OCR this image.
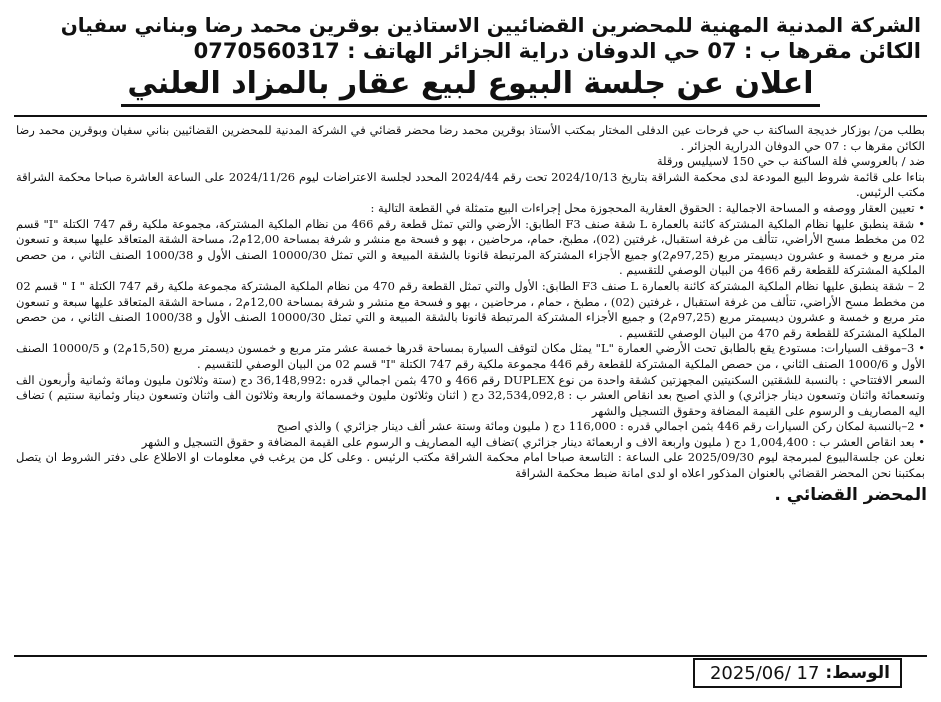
الشركة المدنية المهنية للمحضرين القضائيين الاستاذين بوقرين محمد رضا وبناني سفيان
الكائن مقرها ب : 07 حي الدوفان دراية الجزائر الهاتف : 0770560317
اعلان عن جلسة البيوع لبيع عقار بالمزاد العلني

بطلب من/ بوزكار خديجة الساكنة ب حي فرحات عين الدفلى المختار بمكتب الأستاذ بوقرين محمد رضا محضر قضائي في الشركة المدنية للمحضرين القضائيين بناني سفيان وبوقرين محمد رضا الكائن مقرها ب : 07 حي الدوفان الدرارية الجزائر .

ضد / بالعروسي فلة الساكنة ب حي 150 لاسيليس ورقلة

بناءا على قائمة شروط البيع المودعة لدى محكمة الشراقة بتاريخ 2024/10/13 تحت رقم 2024/44 المحدد لجلسة الاعتراضات ليوم 2024/11/26 على الساعة العاشرة صباحا محكمة الشراقة مكتب الرئيس.

• تعيين العقار ووصفه و المساحة الاجمالية : الحقوق العقارية المحجوزة محل إجراءات البيع متمثلة في القطعة التالية :

• شقة ينطبق عليها نظام الملكية المشتركة كائنة بالعمارة L شقة صنف F3 الطابق: الأرضي والتي تمثل قطعة رقم 466 من نظام الملكية المشتركة، مجموعة ملكية رقم 747 الكتلة "I" قسم 02 من مخطط مسح الأراضي، تتألف من غرفة استقبال، غرفتين (02)، مطبخ، حمام، مرحاضين ، بهو و فسحة مع منشر و شرفة بمساحة 12,00م2، مساحة الشقة المتعاقد عليها سبعة و تسعون متر مربع و خمسة و عشرون ديسيمتر مربع (97,25م2)و جميع الأجزاء المشتركة المرتبطة قانونا بالشقة المبيعة و التي تمثل 10000/30 الصنف الأول و 1000/38 الصنف الثاني ، من حصص الملكية المشتركة للقطعة رقم 466 من البيان الوصفي للتقسيم .

2 – شقة ينطبق عليها نظام الملكية المشتركة كائنة بالعمارة L صنف F3 الطابق: الأول والتي تمثل القطعة رقم 470 من نظام الملكية المشتركة مجموعة ملكية رقم 747 الكتلة " I " قسم 02 من مخطط مسح الأراضي، تتألف من غرفة استقبال ، غرفتين (02) ، مطبخ ، حمام ، مرحاضين ، بهو و فسحة مع منشر و شرفة بمساحة 12,00م2 ، مساحة الشقة المتعاقد عليها سبعة و تسعون متر مربع و خمسة و عشرون ديسيمتر مربع (97,25م2) و جميع الأجزاء المشتركة المرتبطة قانونا بالشقة المبيعة و التي تمثل 10000/30 الصنف الأول و 1000/38 الصنف الثاني ، من حصص الملكية المشتركة للقطعة رقم 470 من البيان الوصفي للتقسيم .

• 3–موقف السيارات: مستودع يقع بالطابق تحت الأرضي العمارة "L" يمثل مكان لتوقف السيارة بمساحة قدرها خمسة عشر متر مربع و خمسون ديسمتر مربع (15,50م2) و 10000/5 الصنف الأول و 1000/6 الصنف الثاني ، من حصص الملكية المشتركة للقطعة رقم 446 مجموعة ملكية رقم 747 الكتلة "I" قسم 02 من البيان الوصفي للتقسيم .

السعر الافتتاحي : بالنسبة للشقتين السكنيتين المجهزتين كشقة واحدة من نوع DUPLEX رقم 466 و 470 بثمن اجمالي قدره :36,148,992 دج (ستة وثلاثون مليون ومائة وثمانية وأربعون الف وتسعمائة واثنان وتسعون دينار جزائري) و الذي اصبح بعد انقاص العشر ب : 32,534,092,8 دج ( اثنان وثلاثون مليون وخمسمائة واربعة وثلاثون الف واثنان وتسعون دينار وثمانية سنتيم ) تضاف اليه المصاريف و الرسوم على القيمة المضافة وحقوق التسجيل والشهر

• 2–بالنسبة لمكان ركن السيارات رقم 446 بثمن اجمالي قدره : 116,000 دج ( مليون ومائة وستة عشر ألف دينار جزائري ) والذي اصبح

• بعد انقاص العشر ب : 1,004,400 دج ( مليون واربعة الاف و اربعمائة دينار جزائري )تضاف اليه المصاريف و الرسوم على القيمة المضافة و حقوق التسجيل و الشهر

نعلن عن جلسةالبيوع لمبرمجة ليوم 2025/09/30 على الساعة : التاسعة صباحا امام محكمة الشراقة مكتب الرئيس . وعلى كل من يرغب في معلومات او الاطلاع على دفتر الشروط ان يتصل بمكتبنا نحن المحضر القضائي بالعنوان المذكور اعلاه او لدى امانة ضبط محكمة الشراقة

المحضر القضائي .
الوسط:
2025/06/ 17
